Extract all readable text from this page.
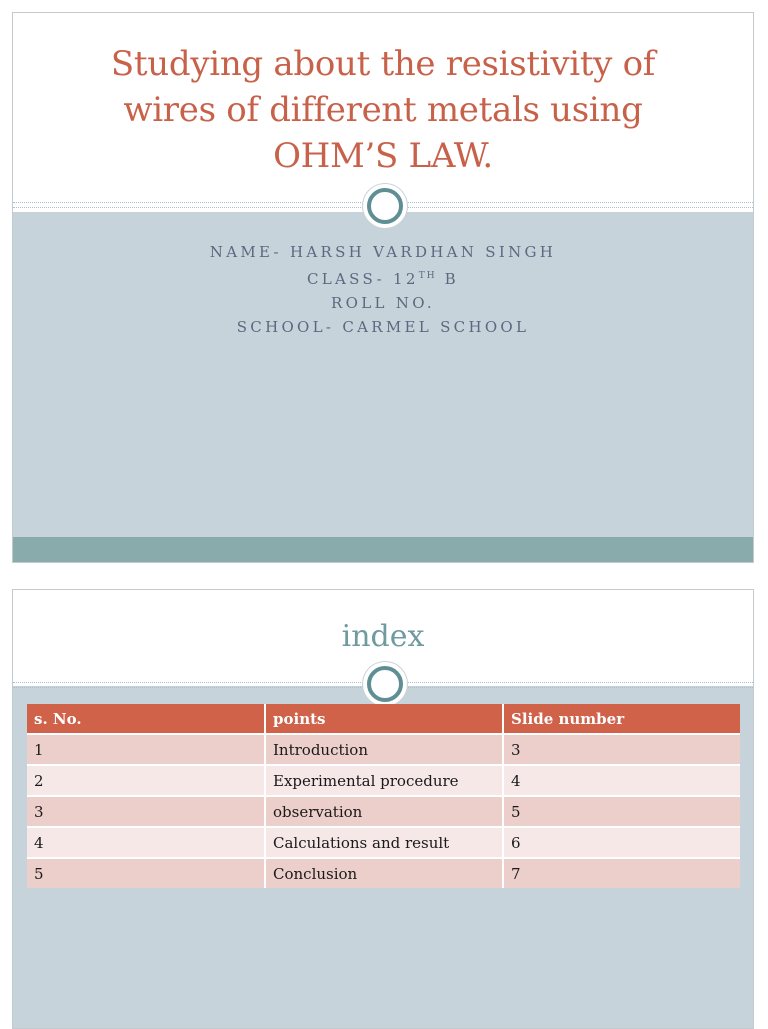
Studying about the resistivity of
wires of different metals using
OHM’S LAW.
NAME- HARSH VARDHAN SINGH
CLASS- 12TH B
ROLL NO.
SCHOOL- CARMEL SCHOOL
index
s. No.	points	Slide number
1	Introduction	3
2	Experimental procedure	4
3	observation	5
4	Calculations and result	6
5	Conclusion	7
